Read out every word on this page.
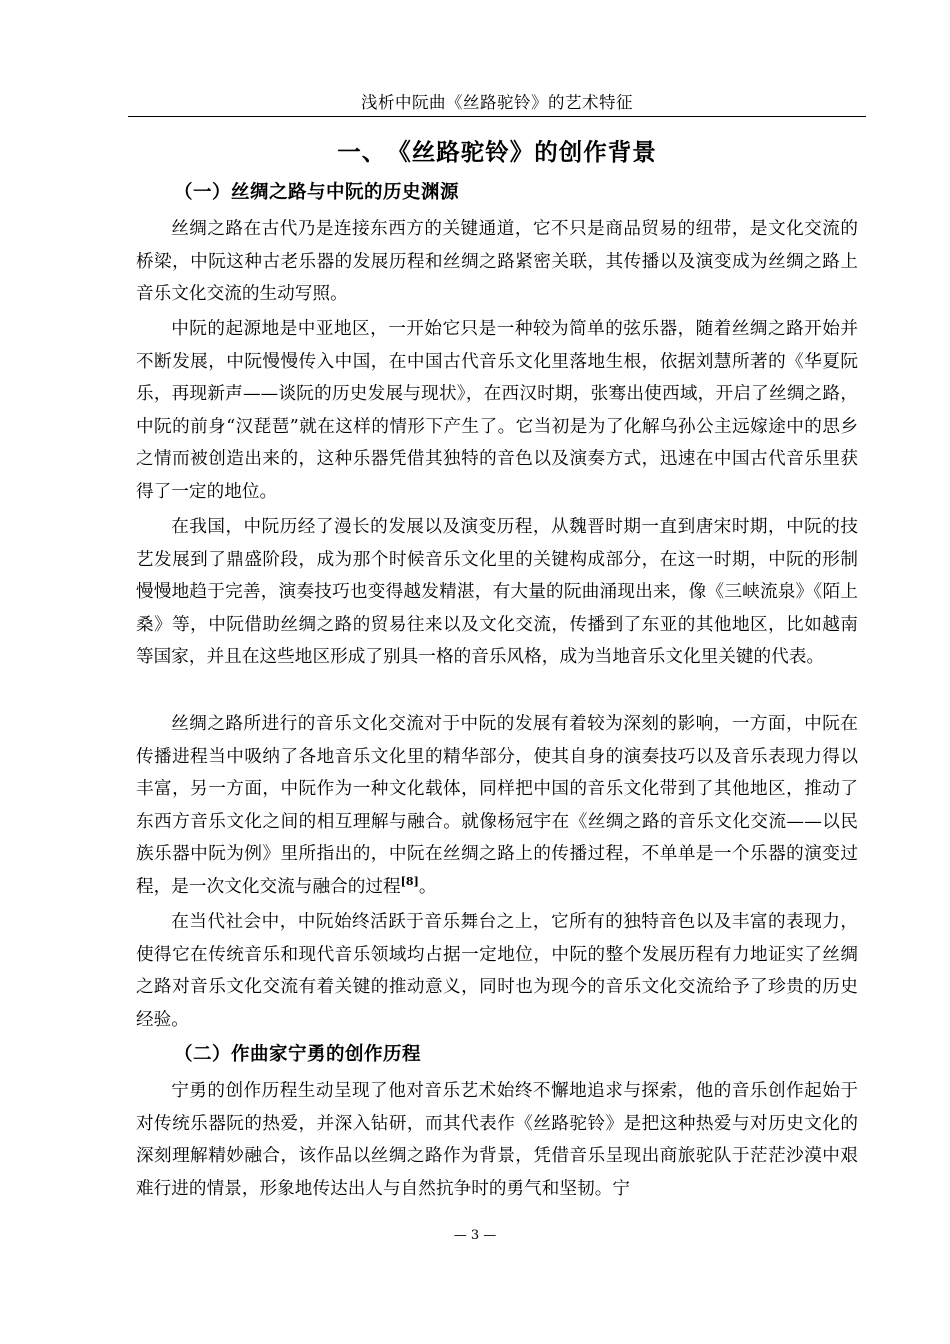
浅析中阮曲《丝路驼铃》的艺术特征
一、　《丝路驼铃》的创作背景
（一）丝绸之路与中阮的历史渊源

丝绸之路在古代乃是连接东西方的关键通道，它不只是商品贸易的纽带，是文化交流的桥梁，中阮这种古老乐器的发展历程和丝绸之路紧密关联，其传播以及演变成为丝绸之路上音乐文化交流的生动写照。

中阮的起源地是中亚地区，一开始它只是一种较为简单的弦乐器，随着丝绸之路开始并不断发展，中阮慢慢传入中国，在中国古代音乐文化里落地生根，依据刘慧所著的《华夏阮乐，再现新声——谈阮的历史发展与现状》，在西汉时期，张骞出使西域，开启了丝绸之路，中阮的前身“汉琵琶”就在这样的情形下产生了。它当初是为了化解乌孙公主远嫁途中的思乡之情而被创造出来的，这种乐器凭借其独特的音色以及演奏方式，迅速在中国古代音乐里获得了一定的地位。

在我国，中阮历经了漫长的发展以及演变历程，从魏晋时期一直到唐宋时期，中阮的技艺发展到了鼎盛阶段，成为那个时候音乐文化里的关键构成部分，在这一时期，中阮的形制慢慢地趋于完善，演奏技巧也变得越发精湛，有大量的阮曲涌现出来，像《三峡流泉》《陌上桑》等，中阮借助丝绸之路的贸易往来以及文化交流，传播到了东亚的其他地区，比如越南等国家，并且在这些地区形成了别具一格的音乐风格，成为当地音乐文化里关键的代表。

丝绸之路所进行的音乐文化交流对于中阮的发展有着较为深刻的影响，一方面，中阮在传播进程当中吸纳了各地音乐文化里的精华部分，使其自身的演奏技巧以及音乐表现力得以丰富，另一方面，中阮作为一种文化载体，同样把中国的音乐文化带到了其他地区，推动了东西方音乐文化之间的相互理解与融合。就像杨冠宇在《丝绸之路的音乐文化交流——以民族乐器中阮为例》里所指出的，中阮在丝绸之路上的传播过程，不单单是一个乐器的演变过程，是一次文化交流与融合的过程[8]。

在当代社会中，中阮始终活跃于音乐舞台之上，它所有的独特音色以及丰富的表现力，使得它在传统音乐和现代音乐领域均占据一定地位，中阮的整个发展历程有力地证实了丝绸之路对音乐文化交流有着关键的推动意义，同时也为现今的音乐文化交流给予了珍贵的历史经验。

（二）作曲家宁勇的创作历程

宁勇的创作历程生动呈现了他对音乐艺术始终不懈地追求与探索，他的音乐创作起始于对传统乐器阮的热爱，并深入钻研，而其代表作《丝路驼铃》是把这种热爱与对历史文化的深刻理解精妙融合，该作品以丝绸之路作为背景，凭借音乐呈现出商旅驼队于茫茫沙漠中艰难行进的情景，形象地传达出人与自然抗争时的勇气和坚韧。宁

— 3 —
